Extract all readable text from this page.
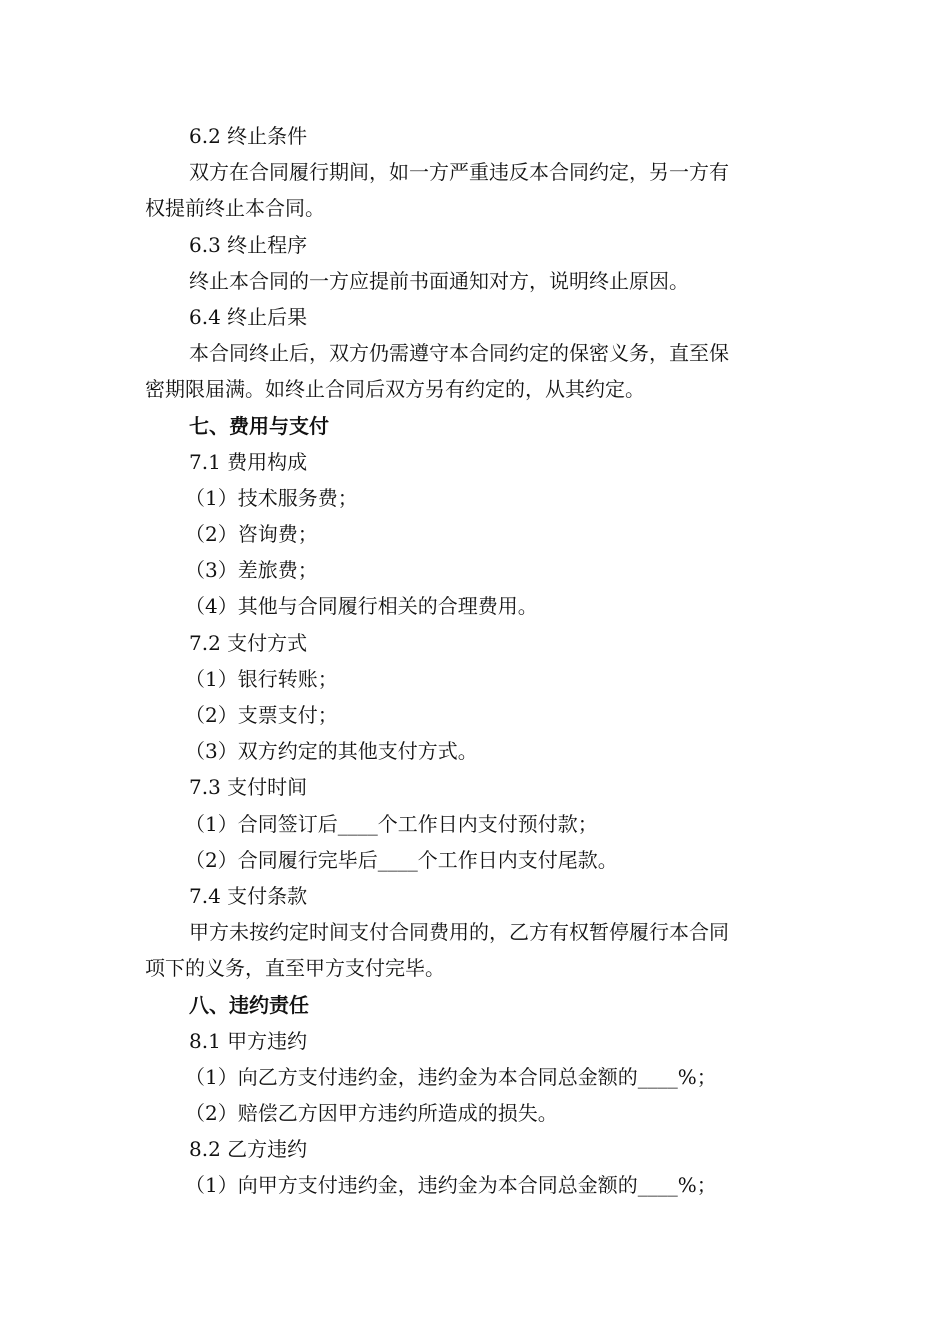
6.2 终止条件
双方在合同履行期间，如一方严重违反本合同约定，另一方有
权提前终止本合同。
6.3 终止程序
终止本合同的一方应提前书面通知对方，说明终止原因。
6.4 终止后果
本合同终止后，双方仍需遵守本合同约定的保密义务，直至保
密期限届满。如终止合同后双方另有约定的，从其约定。
七、费用与支付
7.1 费用构成
（1）技术服务费；
（2）咨询费；
（3）差旅费；
（4）其他与合同履行相关的合理费用。
7.2 支付方式
（1）银行转账；
（2）支票支付；
（3）双方约定的其他支付方式。
7.3 支付时间
（1）合同签订后____个工作日内支付预付款；
（2）合同履行完毕后____个工作日内支付尾款。
7.4 支付条款
甲方未按约定时间支付合同费用的，乙方有权暂停履行本合同
项下的义务，直至甲方支付完毕。
八、违约责任
8.1 甲方违约
（1）向乙方支付违约金，违约金为本合同总金额的____%；
（2）赔偿乙方因甲方违约所造成的损失。
8.2 乙方违约
（1）向甲方支付违约金，违约金为本合同总金额的____%；
